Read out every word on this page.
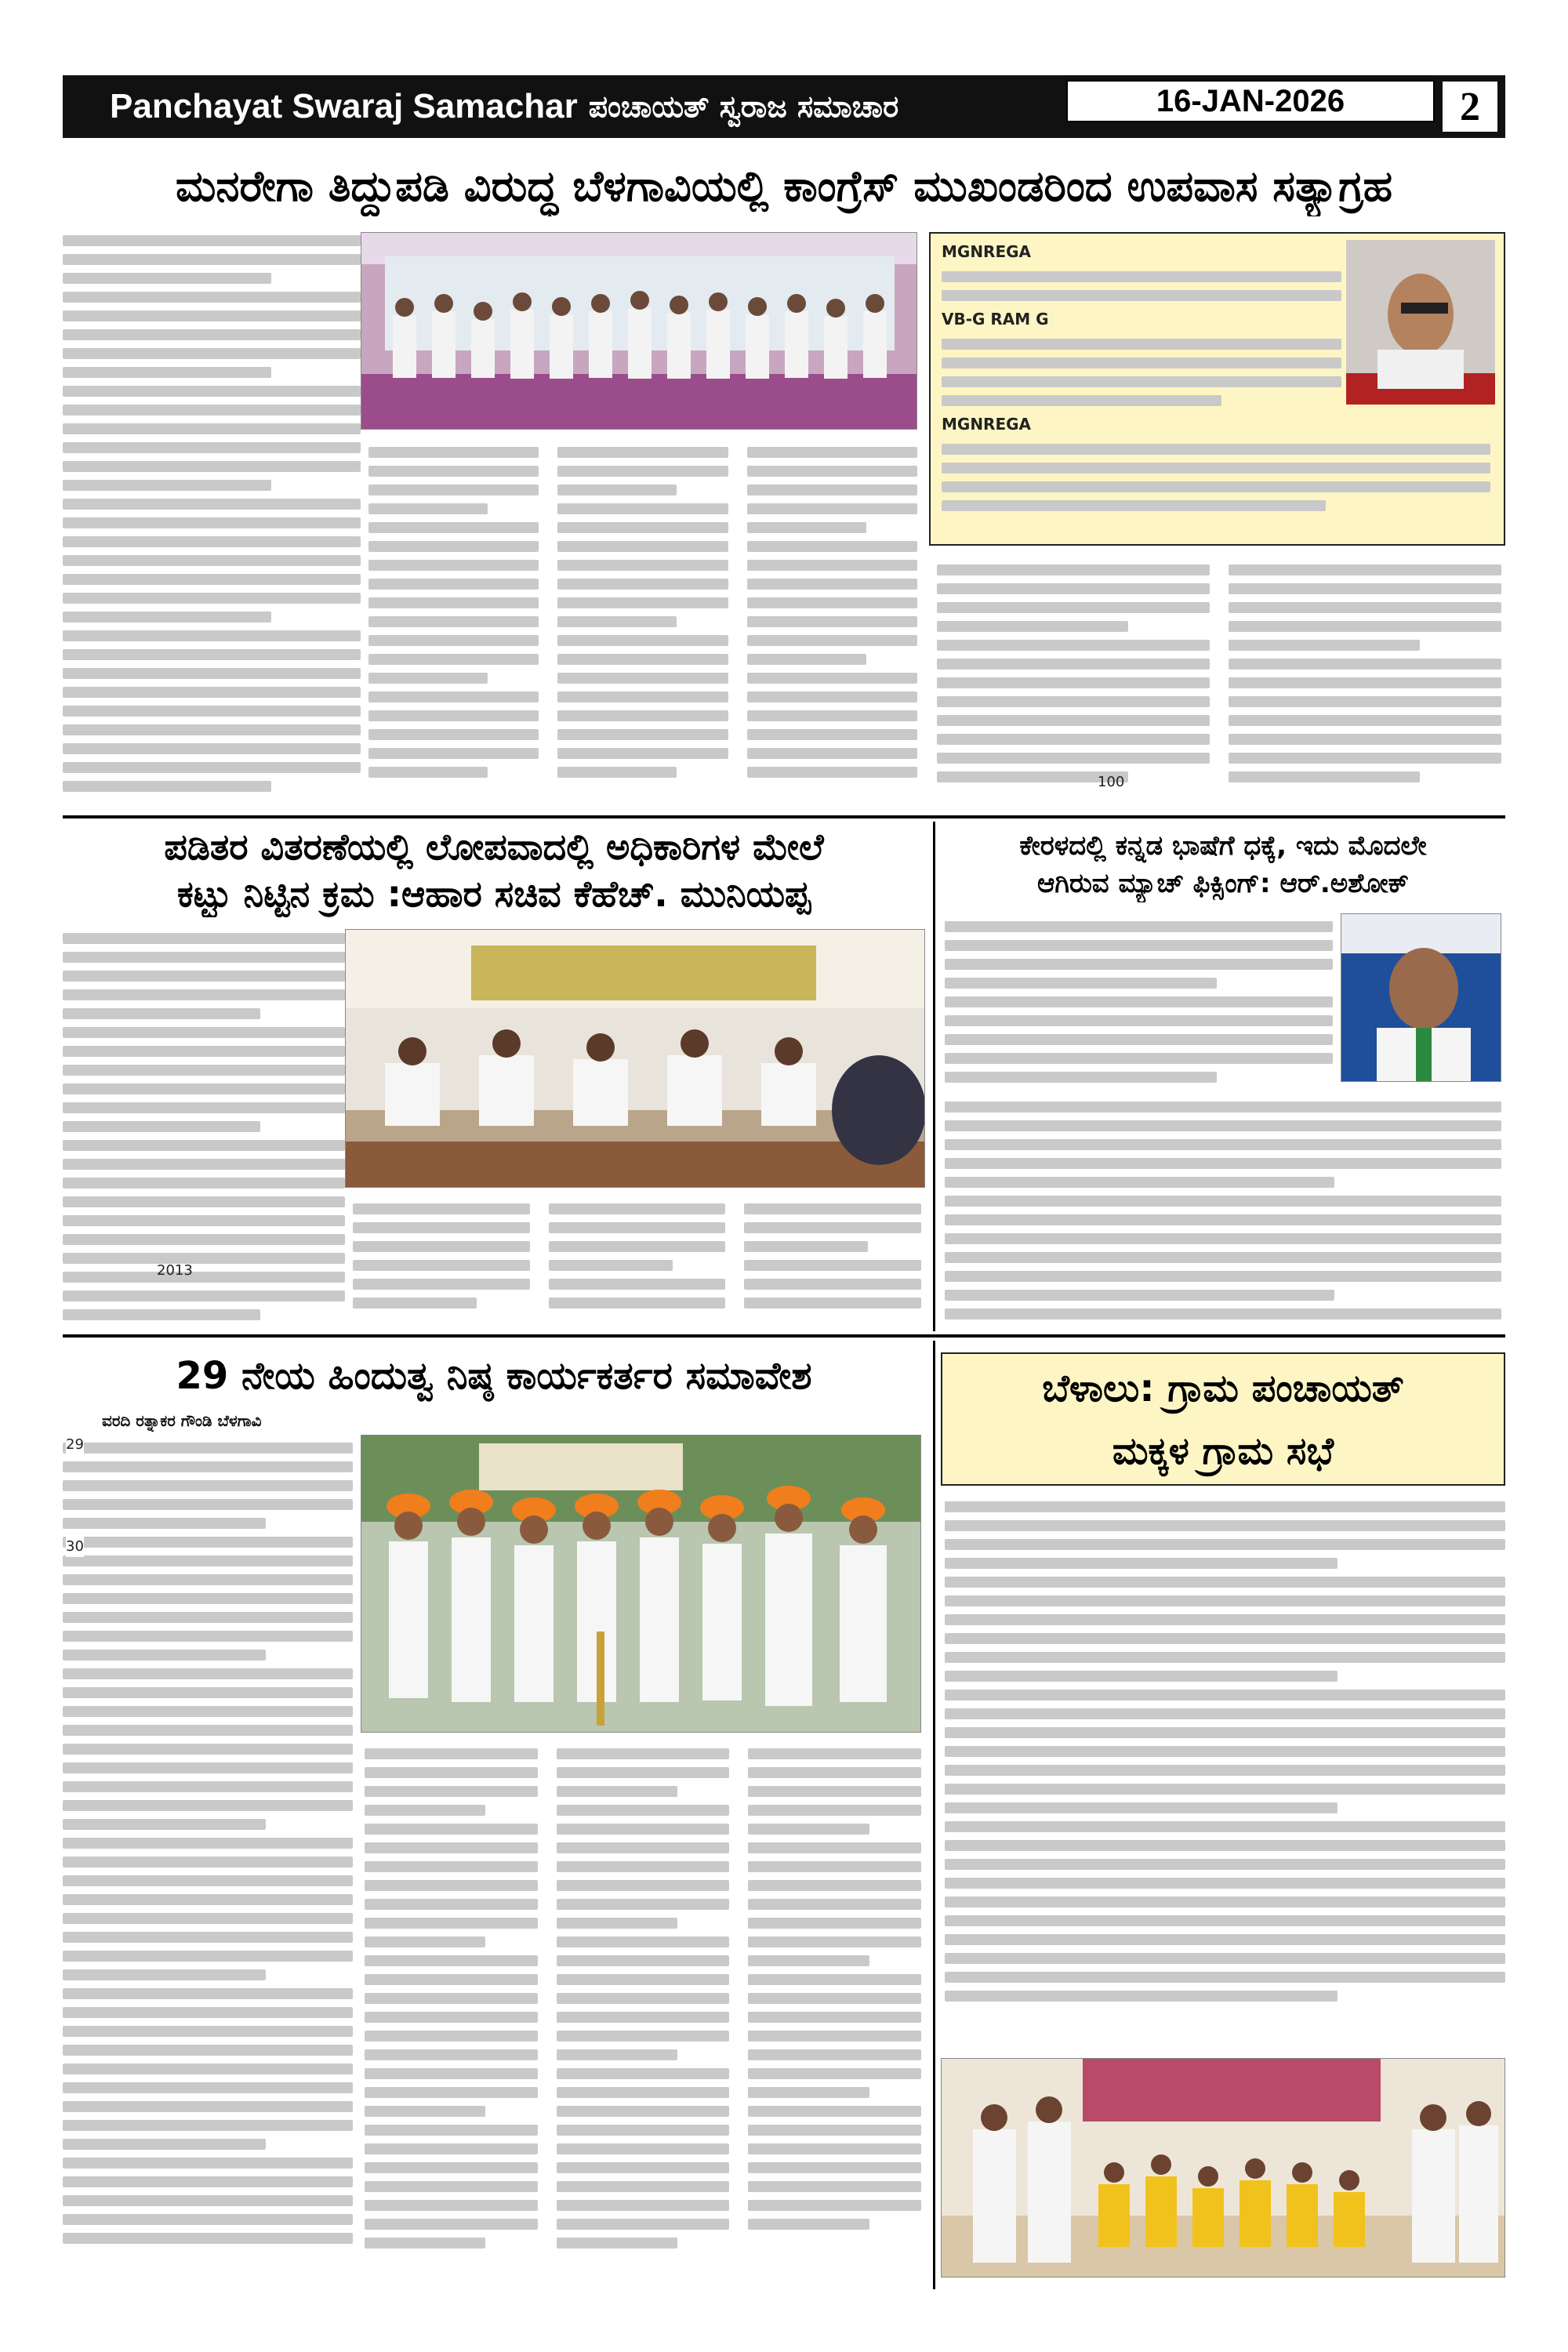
Panchayat Swaraj Samachar ಪಂಚಾಯತ್ ಸ್ವರಾಜ ಸಮಾಚಾರ	16-JAN-2026	2
ಮನರೇಗಾ ತಿದ್ದುಪಡಿ ವಿರುದ್ಧ ಬೆಳಗಾವಿಯಲ್ಲಿ ಕಾಂಗ್ರೆಸ್ ಮುಖಂಡರಿಂದ ಉಪವಾಸ ಸತ್ಯಾಗ್ರಹ
MGNREGA
VB-G RAM G
MGNREGA
100
ಪಡಿತರ ವಿತರಣೆಯಲ್ಲಿ ಲೋಪವಾದಲ್ಲಿ ಅಧಿಕಾರಿಗಳ ಮೇಲೆ
ಕಟ್ಟು ನಿಟ್ಟಿನ ಕ್ರಮ :ಆಹಾರ ಸಚಿವ ಕೆಹೆಚ್. ಮುನಿಯಪ್ಪ
2013
ಕೇರಳದಲ್ಲಿ ಕನ್ನಡ ಭಾಷೆಗೆ ಧಕ್ಕೆ, ಇದು ಮೊದಲೇ
ಆಗಿರುವ ಮ್ಯಾಚ್ ಫಿಕ್ಸಿಂಗ್: ಆರ್.ಅಶೋಕ್
29 ನೇಯ ಹಿಂದುತ್ವ ನಿಷ್ಠ ಕಾರ್ಯಕರ್ತರ ಸಮಾವೇಶ
ವರದಿ ರತ್ನಾಕರ ಗೌಂಡಿ ಬೆಳಗಾವಿ
29
30
ಬೆಳಾಲು: ಗ್ರಾಮ ಪಂಚಾಯತ್
ಮಕ್ಕಳ ಗ್ರಾಮ ಸಭೆ
